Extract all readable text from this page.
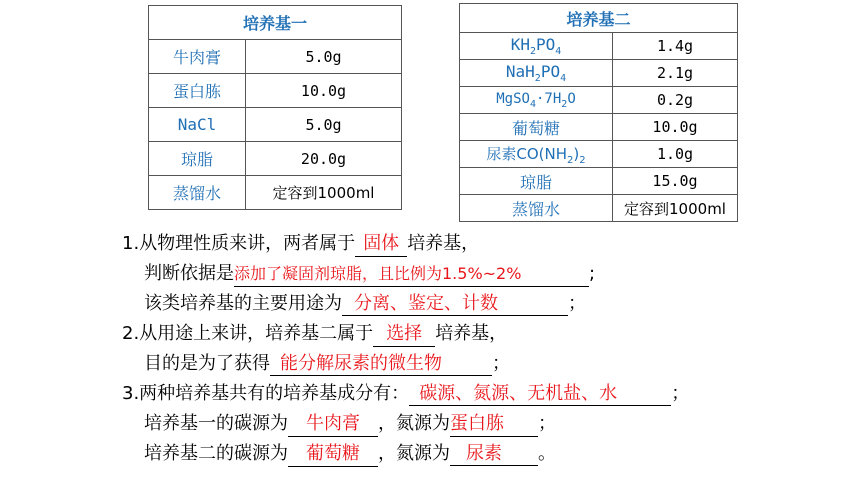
培养基一	
牛肉膏	5.0g
蛋白胨	10.0g
NaCl	5.0g
琼脂	20.0g
蒸馏水	定容到1000ml
培养基二	
$KH_2PO_4$	1.4g
$NaH_2PO_4$	2.1g
$MgSO_4\cdot 7H_2O$	0.2g
葡萄糖	10.0g
尿素$CO(NH_2)_2$	1.0g
琼脂	15.0g
蒸馏水	定容到1000ml
1.从物理性质来讲，两者属于 固体 培养基，
判断依据是添加了凝固剂琼脂，且比例为1.5%~2%	;
该类培养基的主要用途为 分离、鉴定、计数	；
2.从用途上来讲，培养基二属于 选择 培养基，
目的是为了获得 能分解尿素的微生物	；
3.两种培养基共有的培养基成分有： 碳源、氮源、无机盐、水	；
培养基一的碳源为 牛肉膏 ，氮源为蛋白胨 ；
培养基二的碳源为 葡萄糖 ，氮源为 尿素 。
